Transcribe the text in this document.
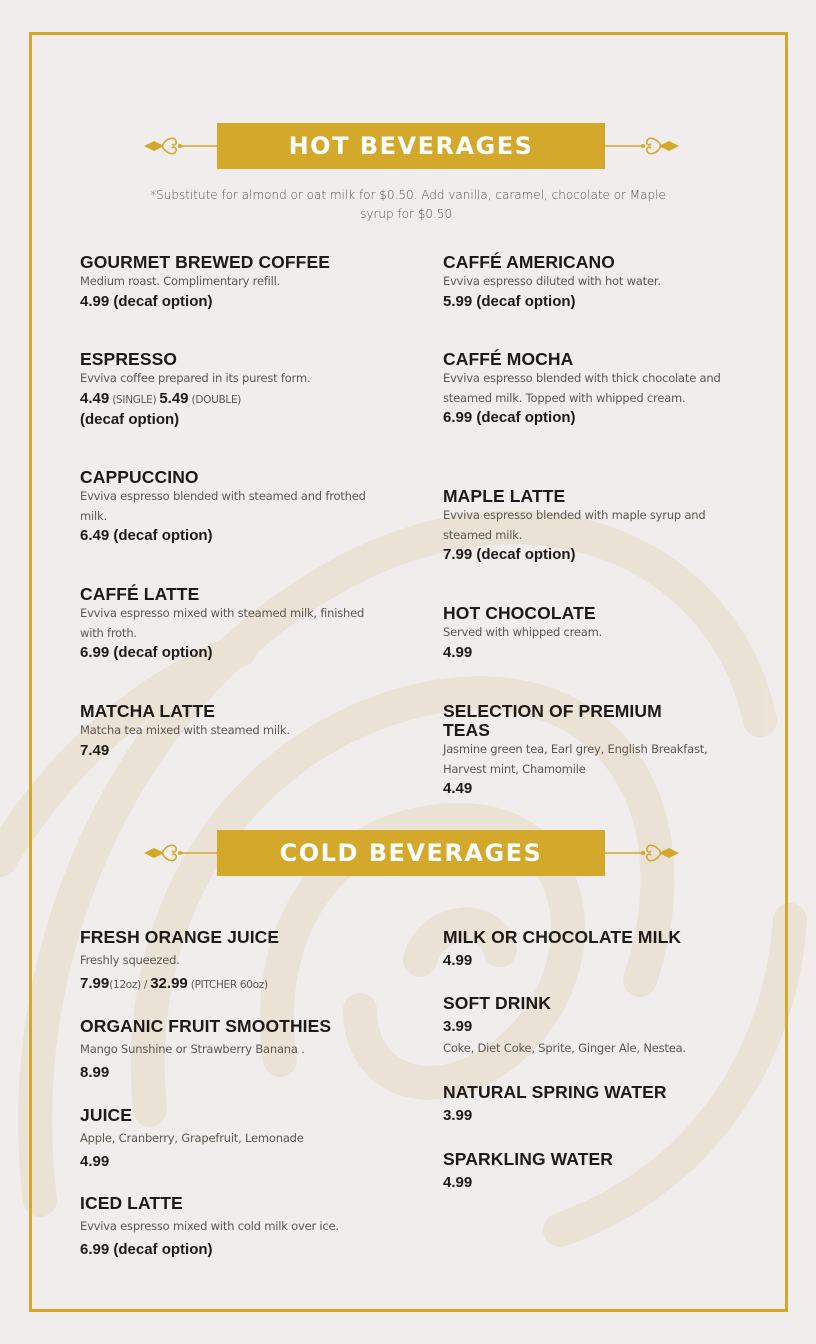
HOT BEVERAGES
*Substitute for almond or oat milk for $0.50. Add vanilla, caramel, chocolate or Maple syrup for $0.50.
GOURMET BREWED COFFEE
Medium roast. Complimentary refill.
4.99 (decaf option)
ESPRESSO
Evviva coffee prepared in its purest form.
4.49 (SINGLE) 5.49 (DOUBLE)
(decaf option)
CAPPUCCINO
Evviva espresso blended with steamed and frothed milk.
6.49 (decaf option)
CAFFÉ LATTE
Evviva espresso mixed with steamed milk, finished with froth.
6.99 (decaf option)
MATCHA LATTE
Matcha tea mixed with steamed milk.
7.49
CAFFÉ AMERICANO
Evviva espresso diluted with hot water.
5.99 (decaf option)
CAFFÉ MOCHA
Evviva espresso blended with thick chocolate and steamed milk. Topped with whipped cream.
6.99 (decaf option)
MAPLE LATTE
Evviva espresso blended with maple syrup and steamed milk.
7.99 (decaf option)
HOT CHOCOLATE
Served with whipped cream.
4.99
SELECTION OF PREMIUM TEAS
Jasmine green tea, Earl grey, English Breakfast, Harvest mint, Chamomile
4.49
COLD BEVERAGES
FRESH ORANGE JUICE
Freshly squeezed.
7.99(12oz) / 32.99 (PITCHER 60oz)
ORGANIC FRUIT SMOOTHIES
Mango Sunshine or Strawberry Banana .
8.99
JUICE
Apple, Cranberry, Grapefruit, Lemonade
4.99
ICED LATTE
Evviva espresso mixed with cold milk over ice.
6.99 (decaf option)
MILK OR CHOCOLATE MILK
4.99
SOFT DRINK
3.99
Coke, Diet Coke, Sprite, Ginger Ale, Nestea.
NATURAL SPRING WATER
3.99
SPARKLING WATER
4.99
